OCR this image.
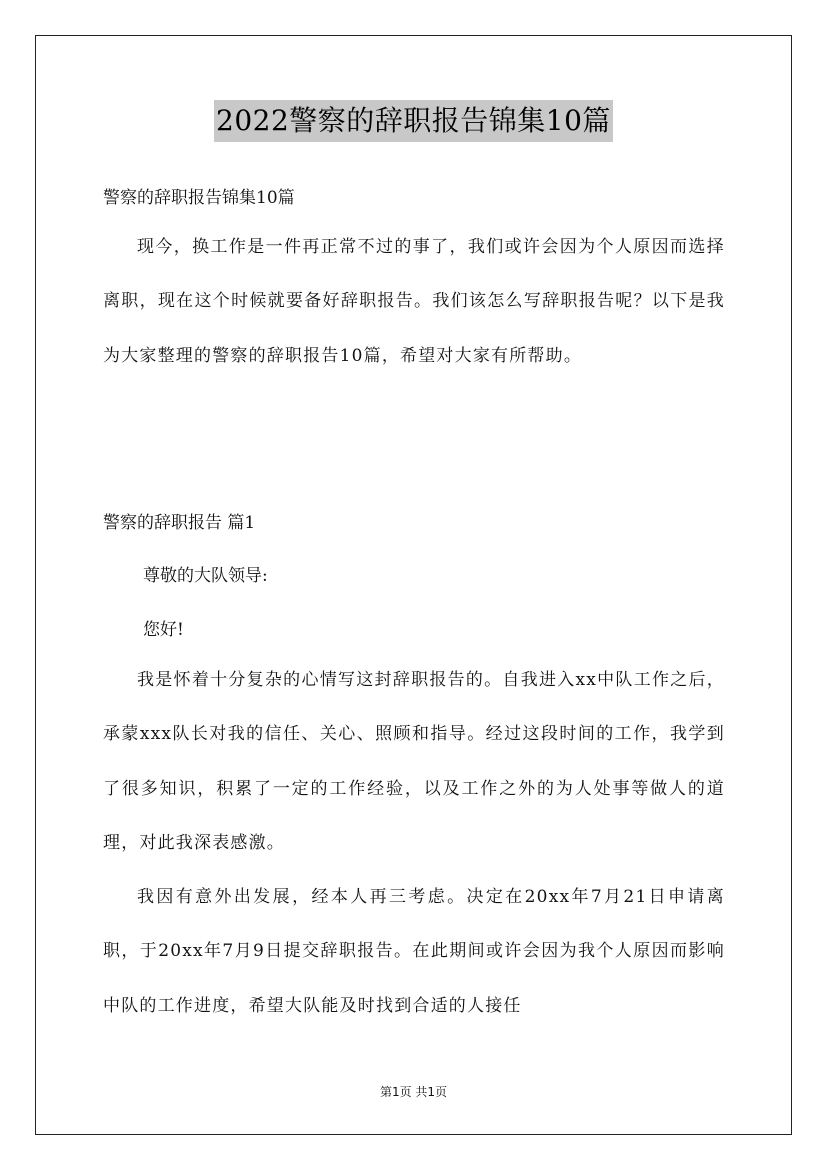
2022警察的辞职报告锦集10篇
警察的辞职报告锦集10篇

现今，换工作是一件再正常不过的事了，我们或许会因为个人原因而选择离职，现在这个时候就要备好辞职报告。我们该怎么写辞职报告呢？以下是我为大家整理的警察的辞职报告10篇，希望对大家有所帮助。

警察的辞职报告 篇1
尊敬的大队领导:
您好!

我是怀着十分复杂的心情写这封辞职报告的。自我进入xx中队工作之后，承蒙xxx队长对我的信任、关心、照顾和指导。经过这段时间的工作，我学到了很多知识，积累了一定的工作经验，以及工作之外的为人处事等做人的道理，对此我深表感激。

我因有意外出发展，经本人再三考虑。决定在20xx年7月21日申请离职，于20xx年7月9日提交辞职报告。在此期间或许会因为我个人原因而影响中队的工作进度，希望大队能及时找到合适的人接任

第1页 共1页
